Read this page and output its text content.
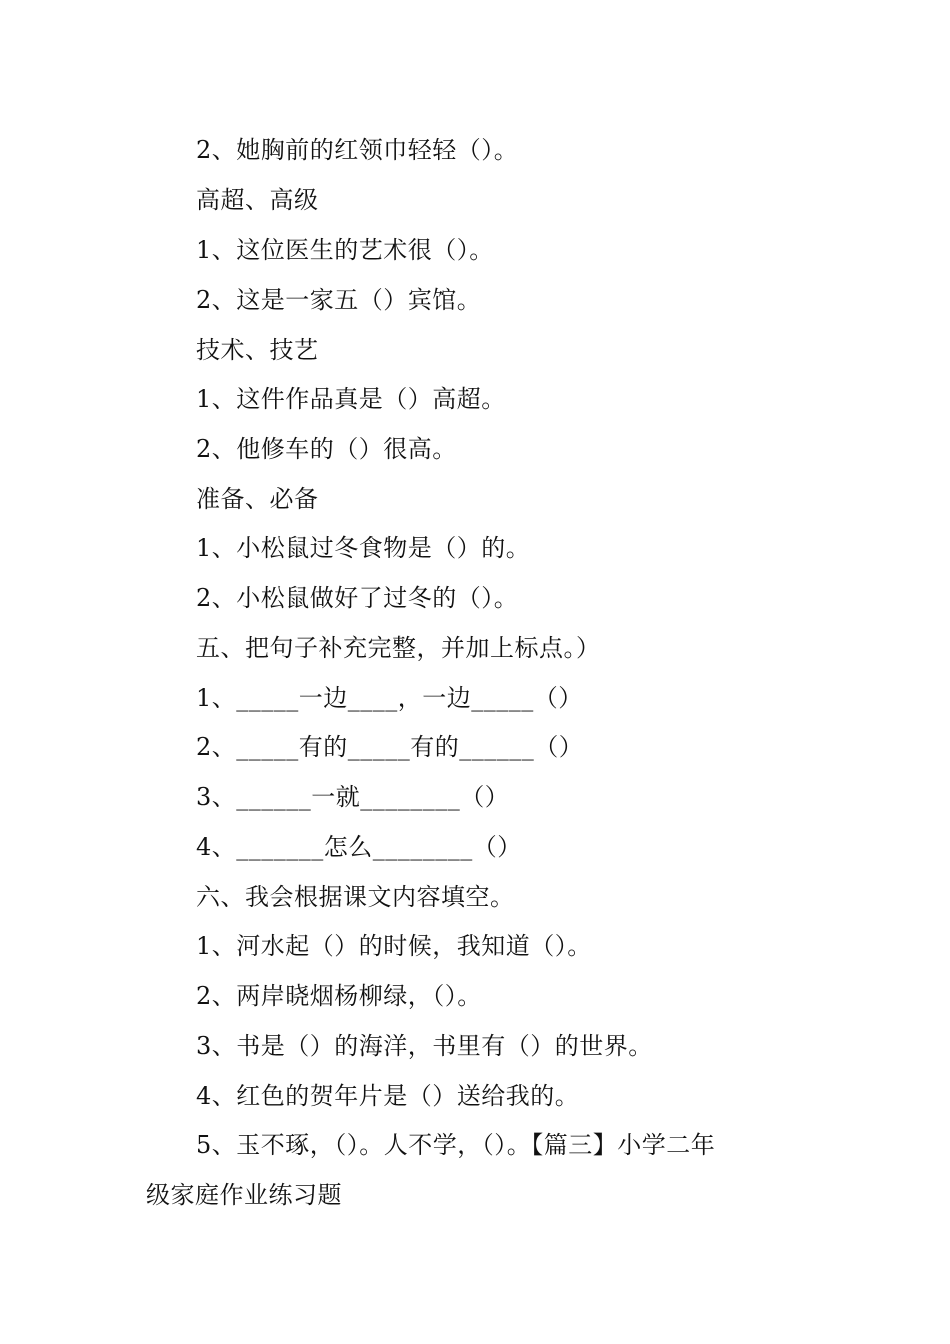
2、她胸前的红领巾轻轻（）。
高超、高级
1、这位医生的艺术很（）。
2、这是一家五（）宾馆。
技术、技艺
1、这件作品真是（）高超。
2、他修车的（）很高。
准备、必备
1、小松鼠过冬食物是（）的。
2、小松鼠做好了过冬的（）。
五、把句子补充完整，并加上标点。）
1、_____一边____，一边_____（）
2、_____有的_____有的______（）
3、______一就________（）
4、_______怎么________（）
六、我会根据课文内容填空。
1、河水起（）的时候，我知道（）。
2、两岸晓烟杨柳绿，（）。
3、书是（）的海洋，书里有（）的世界。
4、红色的贺年片是（）送给我的。
5、玉不琢，（）。人不学，（）。【篇三】小学二年
级家庭作业练习题
